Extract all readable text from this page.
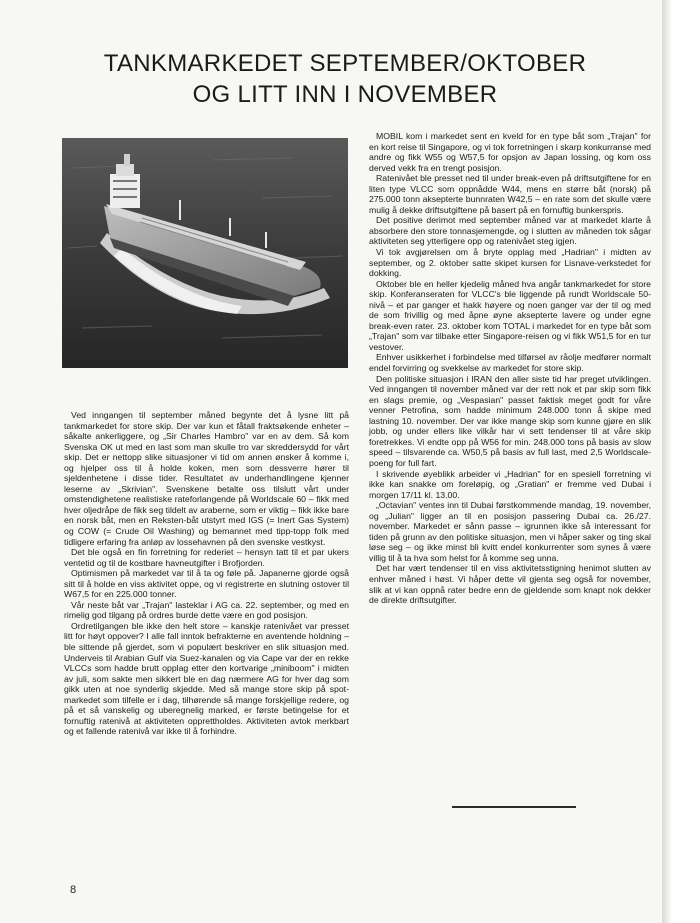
TANKMARKEDET SEPTEMBER/OKTOBER
OG LITT INN I NOVEMBER

Ved inngangen til september måned begynte det å lysne litt på tankmarkedet for store skip. Der var kun et fåtall fraktsøkende enheter – såkalte ankerliggere, og „Sir Charles Hambro" var en av dem. Så kom Svenska OK ut med en last som man skulle tro var skreddersydd for vårt skip. Det er nettopp slike situasjoner vi tid om annen ønsker å komme i, og hjelper oss til å holde koken, men som dessverre hører til sjeldenhetene i disse tider. Resultatet av underhandlingene kjenner leserne av „Skrivian". Svenskene betalte oss tilslutt vårt under omstendighetene realistiske rateforlangende på Worldscale 60 – fikk med hver oljedråpe de fikk seg tildelt av araberne, som er viktig – fikk ikke bare en norsk båt, men en Reksten-båt utstyrt med IGS (= Inert Gas System) og COW (= Crude Oil Washing) og bemannet med tipp-topp folk med tidligere erfaring fra anløp av lossehavnen på den svenske vestkyst.

Det ble også en fin forretning for rederiet – hensyn tatt til et par ukers ventetid og til de kostbare havneutgifter i Brofjorden.

Optimismen på markedet var til å ta og føle på. Japanerne gjorde også sitt til å holde en viss aktivitet oppe, og vi registrerte en slutning ostover til W67,5 for en 225.000 tonner.

Vår neste båt var „Trajan" lasteklar i AG ca. 22. september, og med en rimelig god tilgang på ordres burde dette være en god posisjon.

Ordretilgangen ble ikke den helt store – kanskje ratenivået var presset litt for høyt oppover? I alle fall inntok befrakterne en aventende holdning – ble sittende på gjerdet, som vi populært beskriver en slik situasjon med. Underveis til Arabian Gulf via Suez-kanalen og via Cape var der en rekke VLCCs som hadde brutt opplag etter den kortvarige „miniboom" i midten av juli, som sakte men sikkert ble en dag nærmere AG for hver dag som gikk uten at noe synderlig skjedde. Med så mange store skip på spot-markedet som tilfelle er i dag, tilhørende så mange forskjellige redere, og på et så vanskelig og uberegnelig marked, er første betingelse for et fornuftig ratenivå at aktiviteten opprettholdes. Aktiviteten avtok merkbart og et fallende ratenivå var ikke til å forhindre.

MOBIL kom i markedet sent en kveld for en type båt som „Trajan" for en kort reise til Singapore, og vi tok forretningen i skarp konkurranse med andre og fikk W55 og W57,5 for opsjon av Japan lossing, og kom oss derved vekk fra en trengt posisjon.

Ratenivået ble presset ned til under break-even på driftsutgiftene for en liten type VLCC som oppnådde W44, mens en større båt (norsk) på 275.000 tonn aksepterte bunnraten W42,5 – en rate som det skulle være mulig å dekke driftsutgiftene på basert på en fornuftig bunkerspris.

Det positive derimot med september måned var at markedet klarte å absorbere den store tonnasjemengde, og i slutten av måneden tok sågar aktiviteten seg ytterligere opp og ratenivået steg igjen.

Vi tok avgjørelsen om å bryte opplag med „Hadrian" i midten av september, og 2. oktober satte skipet kursen for Lisnave-verkstedet for dokking.

Oktober ble en heller kjedelig måned hva angår tankmarkedet for store skip. Konferanseraten for VLCC's ble liggende på rundt Worldscale 50-nivå – et par ganger et hakk høyere og noen ganger var der til og med de som frivillig og med åpne øyne aksepterte lavere og under egne break-even rater. 23. oktober kom TOTAL i markedet for en type båt som „Trajan" som var tilbake etter Singapore-reisen og vi fikk W51,5 for en tur vestover.

Enhver usikkerhet i forbindelse med tilførsel av råolje medfører normalt endel forvirring og svekkelse av markedet for store skip.

Den politiske situasjon i IRAN den aller siste tid har preget utviklingen. Ved inngangen til november måned var der rett nok et par skip som fikk en slags premie, og „Vespasian" passet faktisk meget godt for våre venner Petrofina, som hadde minimum 248.000 tonn å skipe med lastning 10. november. Der var ikke mange skip som kunne gjøre en slik jobb, og under ellers like vilkår har vi sett tendenser til at våre skip foretrekkes. Vi endte opp på W56 for min. 248.000 tons på basis av slow speed – tilsvarende ca. W50,5 på basis av full last, med 2,5 Worldscale-poeng for full fart.

I skrivende øyeblikk arbeider vi „Hadrian" for en spesiell forretning vi ikke kan snakke om foreløpig, og „Gratian" er fremme ved Dubai i morgen 17/11 kl. 13.00.

„Octavian" ventes inn til Dubai førstkommende mandag, 19. november, og „Julian" ligger an til en posisjon passering Dubai ca. 26./27. november. Markedet er sånn passe – igrunnen ikke så interessant for tiden på grunn av den politiske situasjon, men vi håper saker og ting skal løse seg – og ikke minst bli kvitt endel konkurrenter som synes å være villig til å ta hva som helst for å komme seg unna.

Det har vært tendenser til en viss aktivitetsstigning henimot slutten av enhver måned i høst. Vi håper dette vil gjenta seg også for november, slik at vi kan oppnå rater bedre enn de gjeldende som knapt nok dekker de direkte driftsutgifter.

8
